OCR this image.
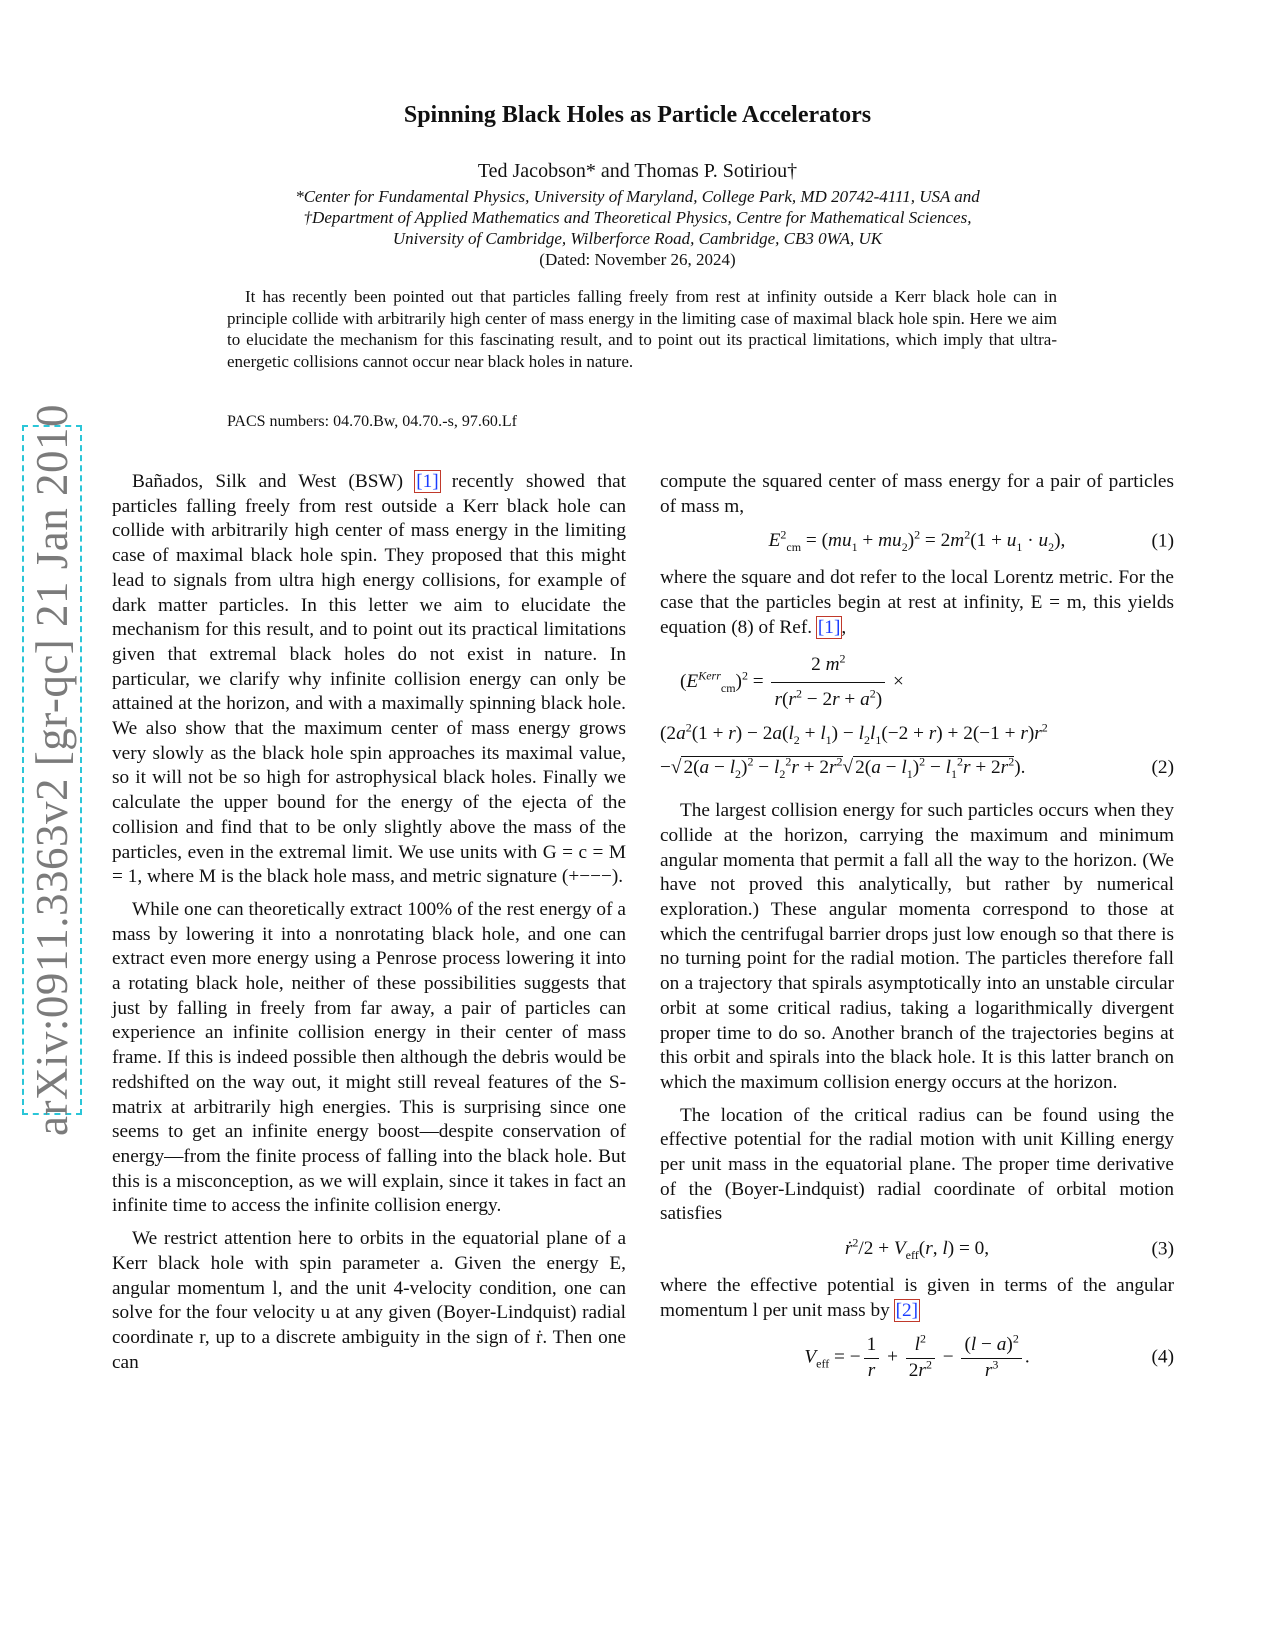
Spinning Black Holes as Particle Accelerators
Ted Jacobson* and Thomas P. Sotiriou†
*Center for Fundamental Physics, University of Maryland, College Park, MD 20742-4111, USA and
†Department of Applied Mathematics and Theoretical Physics, Centre for Mathematical Sciences,
University of Cambridge, Wilberforce Road, Cambridge, CB3 0WA, UK
(Dated: November 26, 2024)
It has recently been pointed out that particles falling freely from rest at infinity outside a Kerr black hole can in principle collide with arbitrarily high center of mass energy in the limiting case of maximal black hole spin. Here we aim to elucidate the mechanism for this fascinating result, and to point out its practical limitations, which imply that ultra-energetic collisions cannot occur near black holes in nature.
PACS numbers: 04.70.Bw, 04.70.-s, 97.60.Lf
arXiv:0911.3363v2 [gr-qc] 21 Jan 2010	Bañados, Silk and West (BSW) [1] recently showed that particles falling freely from rest outside a Kerr black hole can collide with arbitrarily high center of mass energy in the limiting case of maximal black hole spin. They proposed that this might lead to signals from ultra high energy collisions, for example of dark matter particles. In this letter we aim to elucidate the mechanism for this result, and to point out its practical limitations given that extremal black holes do not exist in nature. In particular, we clarify why infinite collision energy can only be attained at the horizon, and with a maximally spinning black hole. We also show that the maximum center of mass energy grows very slowly as the black hole spin approaches its maximal value, so it will not be so high for astrophysical black holes. Finally we calculate the upper bound for the energy of the ejecta of the collision and find that to be only slightly above the mass of the particles, even in the extremal limit. We use units with G = c = M = 1, where M is the black hole mass, and metric signature (+−−−).

While one can theoretically extract 100% of the rest energy of a mass by lowering it into a nonrotating black hole, and one can extract even more energy using a Penrose process lowering it into a rotating black hole, neither of these possibilities suggests that just by falling in freely from far away, a pair of particles can experience an infinite collision energy in their center of mass frame. If this is indeed possible then although the debris would be redshifted on the way out, it might still reveal features of the S-matrix at arbitrarily high energies. This is surprising since one seems to get an infinite energy boost—despite conservation of energy—from the finite process of falling into the black hole. But this is a misconception, as we will explain, since it takes in fact an infinite time to access the infinite collision energy.

We restrict attention here to orbits in the equatorial plane of a Kerr black hole with spin parameter a. Given the energy E, angular momentum l, and the unit 4-velocity condition, one can solve for the four velocity u at any given (Boyer-Lindquist) radial coordinate r, up to a discrete ambiguity in the sign of ṙ. Then one can

compute the squared center of mass energy for a pair of particles of mass m,

$E^2_{cm} = (mu_1 + mu_2)^2 = 2m^2(1 + u_1 \cdot u_2)$,	(1)

where the square and dot refer to the local Lorentz metric. For the case that the particles begin at rest at infinity, E = m, this yields equation (8) of Ref. [1],

$(E^{Kerr}_{cm})^2 = \frac{2 m^2}{r(r^2 - 2r + a^2)}$ ×
($2a^2(1 + r) - 2a(l_2 + l_1) - l_2l_1(-2 + r) + 2(-1 + r)r^2$
−√ $2(a - l_2)^2 - l_2^2r + 2r^2√$ $2(a - l_1)^2 - l_1^2r + 2r^2$).	(2)

The largest collision energy for such particles occurs when they collide at the horizon, carrying the maximum and minimum angular momenta that permit a fall all the way to the horizon. (We have not proved this analytically, but rather by numerical exploration.) These angular momenta correspond to those at which the centrifugal barrier drops just low enough so that there is no turning point for the radial motion. The particles therefore fall on a trajectory that spirals asymptotically into an unstable circular orbit at some critical radius, taking a logarithmically divergent proper time to do so. Another branch of the trajectories begins at this orbit and spirals into the black hole. It is this latter branch on which the maximum collision energy occurs at the horizon.

The location of the critical radius can be found using the effective potential for the radial motion with unit Killing energy per unit mass in the equatorial plane. The proper time derivative of the (Boyer-Lindquist) radial coordinate of orbital motion satisfies

ṙ$^2$/2 + $V_{eff}(r$, l) = 0,	(3)

where the effective potential is given in terms of the angular momentum l per unit mass by [2]

$V_{eff}$ = − $\frac{1}{r} + \frac{l^2}{2r^2} - \frac{(l - a)^2}{r^3}$ .	(4)
